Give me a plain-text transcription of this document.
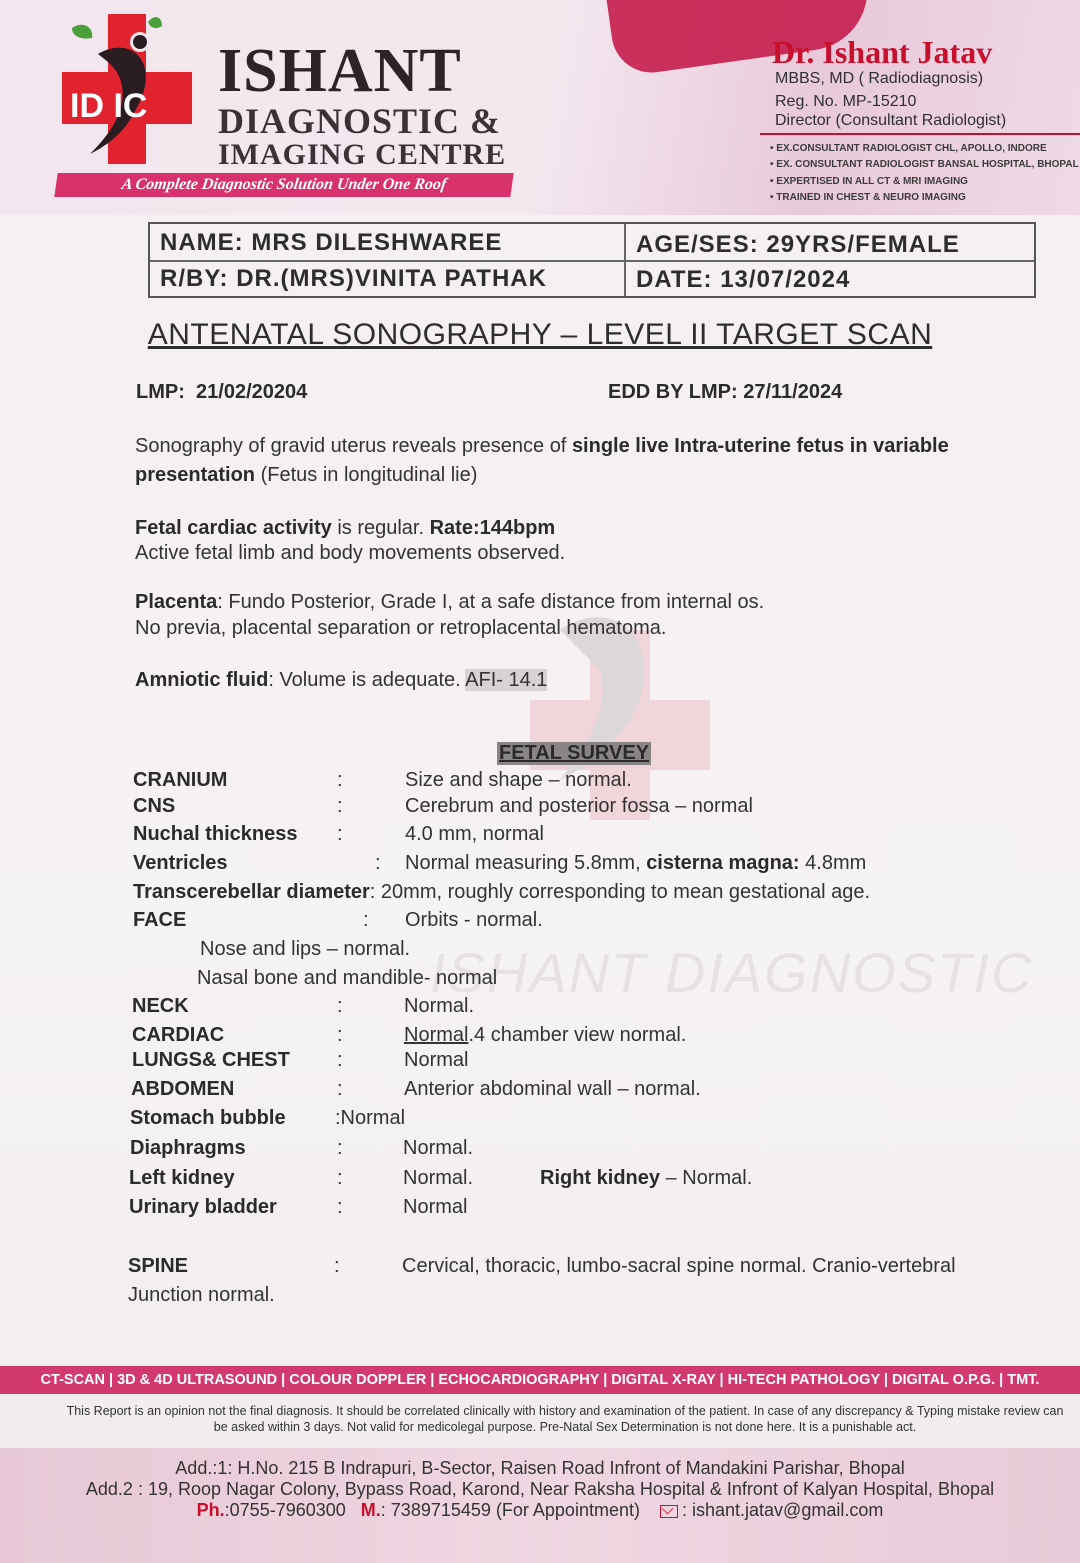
ID IC
ISHANT
DIAGNOSTIC &
IMAGING CENTRE
A Complete Diagnostic Solution Under One Roof
Dr. Ishant Jatav
MBBS, MD ( Radiodiagnosis)
Reg. No. MP-15210
Director (Consultant Radiologist)
• EX.CONSULTANT RADIOLOGIST CHL, APOLLO, INDORE
• EX. CONSULTANT RADIOLOGIST BANSAL HOSPITAL, BHOPAL
• EXPERTISED IN ALL CT & MRI IMAGING
• TRAINED IN CHEST & NEURO IMAGING
NAME: MRS DILESHWAREE	AGE/SES: 29YRS/FEMALE
R/BY: DR.(MRS)VINITA PATHAK	DATE: 13/07/2024
ANTENATAL SONOGRAPHY – LEVEL II TARGET SCAN
ISHANT DIAGNOSTIC
LMP: 21/02/20204	EDD BY LMP: 27/11/2024
Sonography of gravid uterus reveals presence of single live Intra-uterine fetus in variable
presentation (Fetus in longitudinal lie)
Fetal cardiac activity is regular. Rate:144bpm
Active fetal limb and body movements observed.
Placenta: Fundo Posterior, Grade I, at a safe distance from internal os.
No previa, placental separation or retroplacental hematoma.
Amniotic fluid: Volume is adequate. AFI- 14.1
FETAL SURVEY
CRANIUM	:	Size and shape – normal.
CNS	:	Cerebrum and posterior fossa – normal
Nuchal thickness :	4.0 mm, normal
Ventricles	: Normal measuring 5.8mm, cisterna magna: 4.8mm
Transcerebellar diameter: 20mm, roughly corresponding to mean gestational age.
FACE	: Orbits - normal.
Nose and lips – normal.
Nasal bone and mandible- normal
NECK	:	Normal.
CARDIAC	:	Normal.4 chamber view normal.
LUNGS& CHEST :	Normal
ABDOMEN	:	Anterior abdominal wall – normal.
Stomach bubble :Normal
Diaphragms	:	Normal.
Left kidney	:	Normal.	Right kidney – Normal.
Urinary bladder	:	Normal
SPINE	:	Cervical, thoracic, lumbo-sacral spine normal. Cranio-vertebral
Junction normal.
CT-SCAN | 3D & 4D ULTRASOUND | COLOUR DOPPLER | ECHOCARDIOGRAPHY | DIGITAL X-RAY | HI-TECH PATHOLOGY | DIGITAL O.P.G. | TMT.
This Report is an opinion not the final diagnosis. It should be correlated clinically with history and examination of the patient. In case of any discrepancy & Typing mistake review can be asked within 3 days. Not valid for medicolegal purpose. Pre-Natal Sex Determination is not done here. It is a punishable act.
Add.:1: H.No. 215 B Indrapuri, B-Sector, Raisen Road Infront of Mandakini Parishar, Bhopal
Add.2 : 19, Roop Nagar Colony, Bypass Road, Karond, Near Raksha Hospital & Infront of Kalyan Hospital, Bhopal
Ph.:0755-7960300 M.: 7389715459 (For Appointment) : ishant.jatav@gmail.com
